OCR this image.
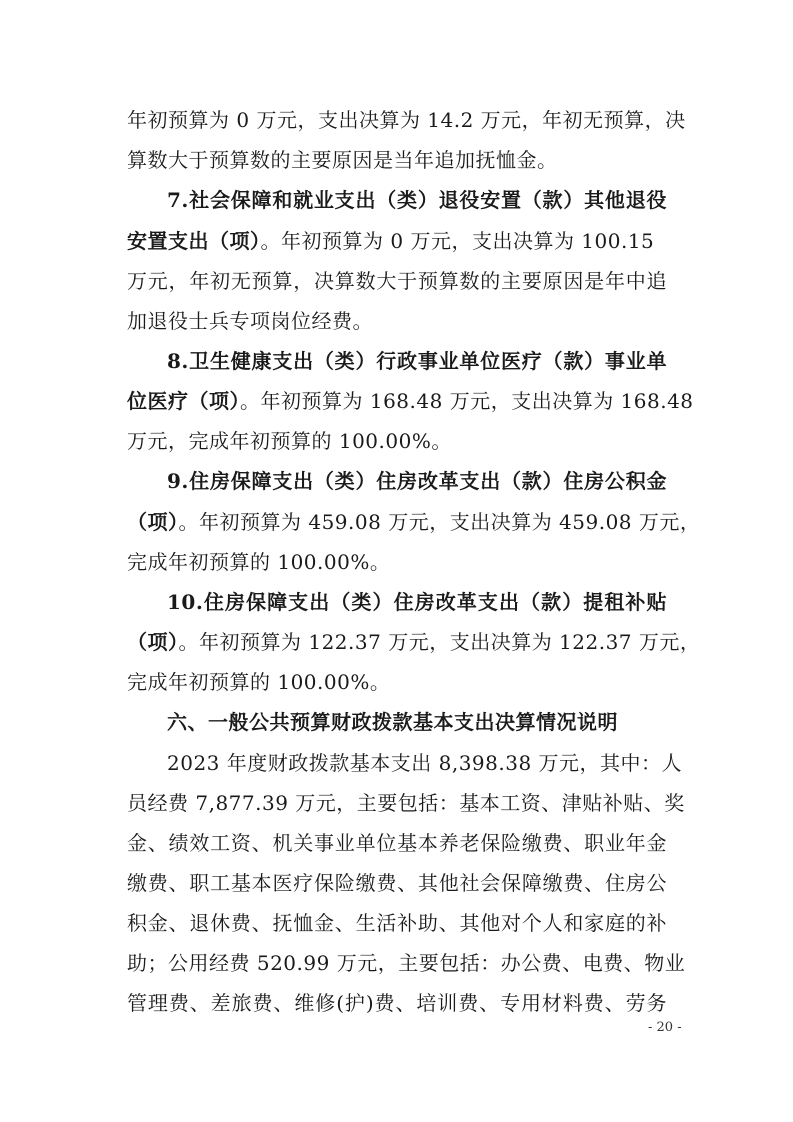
年初预算为 0 万元，支出决算为 14.2 万元，年初无预算，决
算数大于预算数的主要原因是当年追加抚恤金。
7.社会保障和就业支出（类）退役安置（款）其他退役
安置支出（项）。年初预算为 0 万元，支出决算为 100.15
万元，年初无预算，决算数大于预算数的主要原因是年中追
加退役士兵专项岗位经费。
8.卫生健康支出（类）行政事业单位医疗（款）事业单
位医疗（项）。年初预算为 168.48 万元，支出决算为 168.48
万元，完成年初预算的 100.00%。
9.住房保障支出（类）住房改革支出（款）住房公积金
（项）。年初预算为 459.08 万元，支出决算为 459.08 万元，
完成年初预算的 100.00%。
10.住房保障支出（类）住房改革支出（款）提租补贴
（项）。年初预算为 122.37 万元，支出决算为 122.37 万元，
完成年初预算的 100.00%。
六、一般公共预算财政拨款基本支出决算情况说明
2023 年度财政拨款基本支出 8,398.38 万元，其中：人
员经费 7,877.39 万元，主要包括：基本工资、津贴补贴、奖
金、绩效工资、机关事业单位基本养老保险缴费、职业年金
缴费、职工基本医疗保险缴费、其他社会保障缴费、住房公
积金、退休费、抚恤金、生活补助、其他对个人和家庭的补
助；公用经费 520.99 万元，主要包括：办公费、电费、物业
管理费、差旅费、维修(护)费、培训费、专用材料费、劳务
- 20 -
